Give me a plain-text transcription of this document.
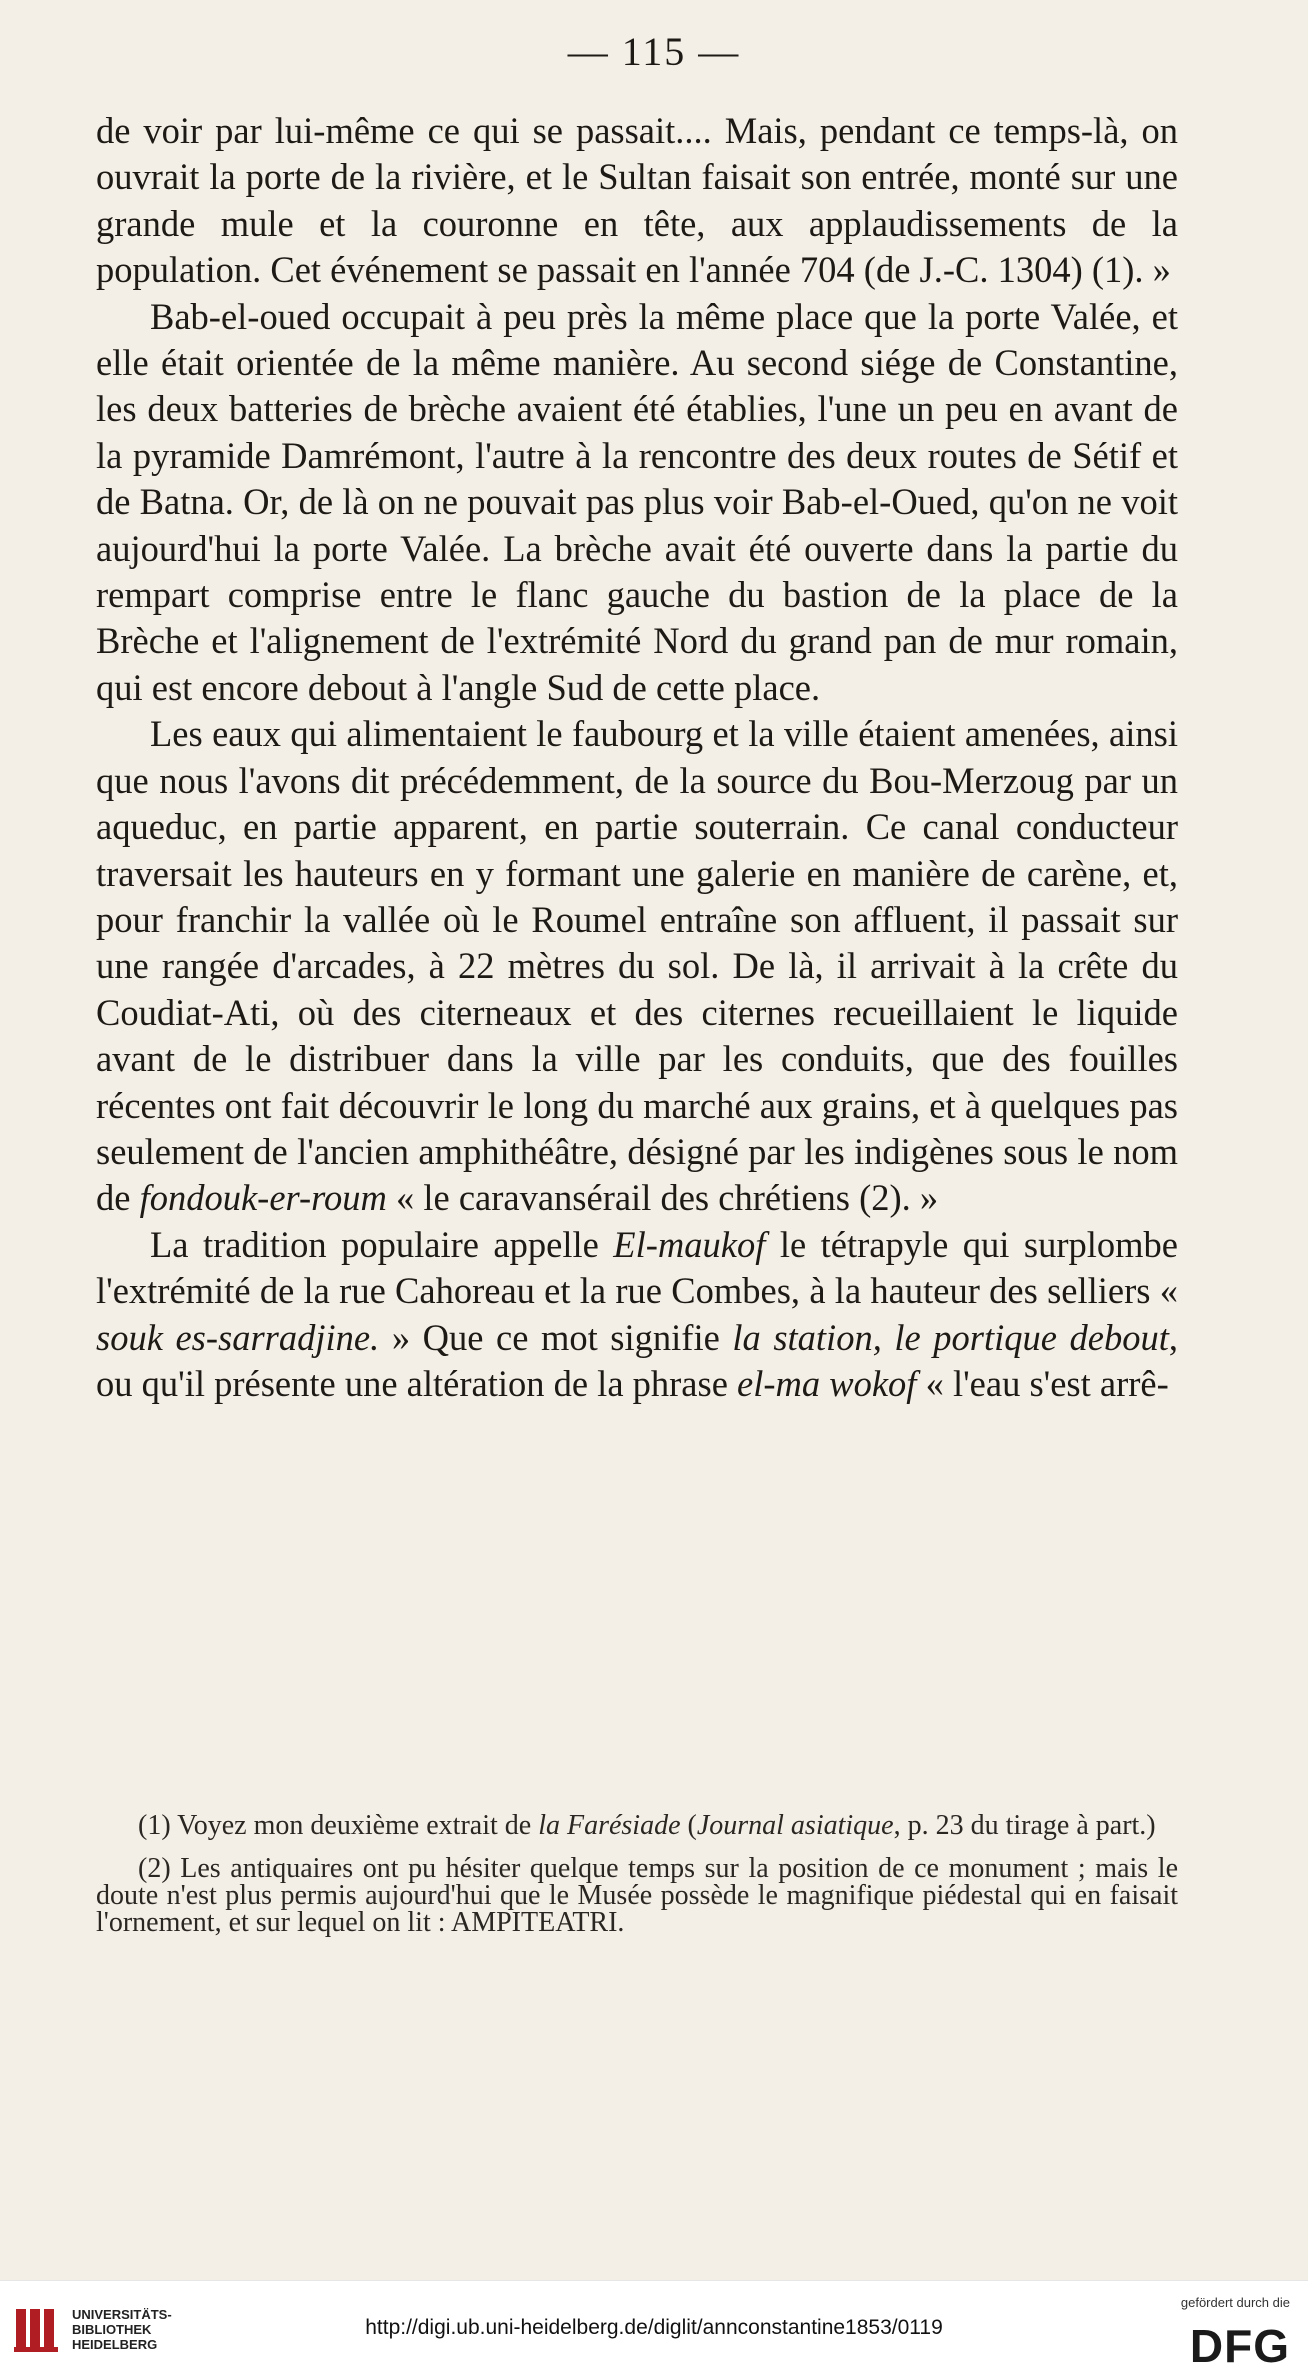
— 115 —

de voir par lui-même ce qui se passait.... Mais, pendant ce temps-là, on ouvrait la porte de la rivière, et le Sultan faisait son entrée, monté sur une grande mule et la couronne en tête, aux applaudissements de la population. Cet événement se passait en l'année 704 (de J.-C. 1304) (1). »

Bab-el-oued occupait à peu près la même place que la porte Valée, et elle était orientée de la même manière. Au second siége de Constantine, les deux batteries de brèche avaient été établies, l'une un peu en avant de la pyramide Damrémont, l'autre à la rencontre des deux routes de Sétif et de Batna. Or, de là on ne pouvait pas plus voir Bab-el-Oued, qu'on ne voit aujourd'hui la porte Valée. La brèche avait été ouverte dans la partie du rempart comprise entre le flanc gauche du bastion de la place de la Brèche et l'alignement de l'extrémité Nord du grand pan de mur romain, qui est encore debout à l'angle Sud de cette place.

Les eaux qui alimentaient le faubourg et la ville étaient amenées, ainsi que nous l'avons dit précédemment, de la source du Bou-Merzoug par un aqueduc, en partie apparent, en partie souterrain. Ce canal conducteur traversait les hauteurs en y formant une galerie en manière de carène, et, pour franchir la vallée où le Roumel entraîne son affluent, il passait sur une rangée d'arcades, à 22 mètres du sol. De là, il arrivait à la crête du Coudiat-Ati, où des citerneaux et des citernes recueillaient le liquide avant de le distribuer dans la ville par les conduits, que des fouilles récentes ont fait découvrir le long du marché aux grains, et à quelques pas seulement de l'ancien amphithéâtre, désigné par les indigènes sous le nom de fondouk-er-roum « le caravansérail des chrétiens (2). »

La tradition populaire appelle El-maukof le tétrapyle qui surplombe l'extrémité de la rue Cahoreau et la rue Combes, à la hauteur des selliers « souk es-sarradjine. » Que ce mot signifie la station, le portique debout, ou qu'il présente une altération de la phrase el-ma wokof « l'eau s'est arrê-

(1) Voyez mon deuxième extrait de la Farésiade (Journal asiatique, p. 23 du tirage à part.)

(2) Les antiquaires ont pu hésiter quelque temps sur la position de ce monument ; mais le doute n'est plus permis aujourd'hui que le Musée possède le magnifique piédestal qui en faisait l'ornement, et sur lequel on lit : AMPITEATRI.

UNIVERSITÄTS-
BIBLIOTHEK
HEIDELBERG
http://digi.ub.uni-heidelberg.de/diglit/annconstantine1853/0119
gefördert durch die
DFG
